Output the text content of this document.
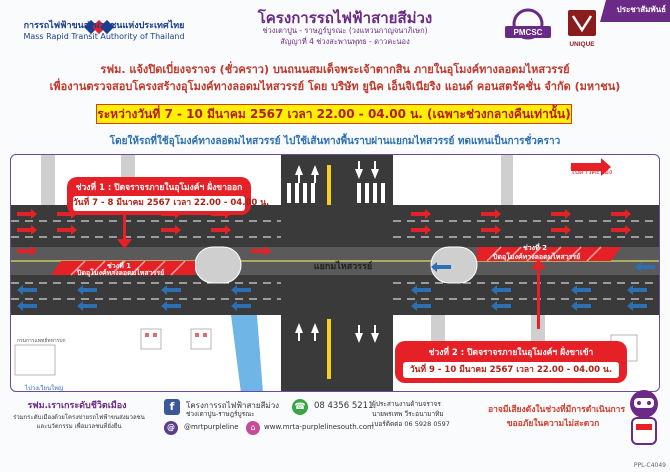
การรถไฟฟ้าขนส่งมวลชนแห่งประเทศไทย
Mass Rapid Transit Authority of Thailand
โครงการรถไฟฟ้าสายสีม่วง
ช่วงเตาปูน - ราษฎร์บูรณะ (วงแหวนกาญจนาภิเษก)
สัญญาที่ 4 ช่วงสะพานพุทธ - ดาวคะนอง
PMCSC
UNIQUE
ประชาสัมพันธ์
รฟม. แจ้งปิดเบี่ยงจราจร (ชั่วคราว) บนถนนสมเด็จพระเจ้าตากสิน ภายในอุโมงค์ทางลอดมไหสวรรย์
เพื่องานตรวจสอบโครงสร้างอุโมงค์ทางลอดมไหสวรรย์ โดย บริษัท ยูนิค เอ็นจิเนียริง แอนด์ คอนสตรัคชั่น จำกัด (มหาชน)
ระหว่างวันที่ 7 - 10 มีนาคม 2567 เวลา 22.00 - 04.00 น. (เฉพาะช่วงกลางคืนเท่านั้น)
โดยให้รถที่ใช้อุโมงค์ทางลอดมไหสวรรย์ ไปใช้เส้นทางพื้นราบผ่านแยกมไหสวรรย์ ทดแทนเป็นการชั่วคราว
ช่วงที่ 1 : ปิดจราจรภายในอุโมงค์ฯ ฝั่งขาออก
วันที่ 7 - 8 มีนาคม 2567 เวลา 22.00 - 04.00 น.
ช่วงที่ 2 : ปิดจราจรภายในอุโมงค์ฯ ฝั่งขาเข้า
วันที่ 9 - 10 มีนาคม 2567 เวลา 22.00 - 04.00 น.
ช่วงที่ 1
ปิดอุโมงค์ทางลอดมไหสวรรย์
ช่วงที่ 2
ปิดอุโมงค์ทางลอดมไหสวรรย์
แยกมไหสวรรย์
ไปดาวคะนอง
กรมการแพทย์ทหารบก
ไปวงเวียนใหญ่
รฟม.เราเกระดับชีวิตเมือง
ร่วมกระดับเมืองด้วยโครงข่ายรถไฟฟ้าขนส่งมวลชน
และนวัตกรรม เพื่อมวลชนที่ยั่งยืน
f	โครงการรถไฟฟ้าสายสีม่วง
ช่วงเตาปูน-ราษฎร์บูรณะ
☎ 08 4356 5211
@	@mrtpurpleline	⌂	www.mrta-purplelinesouth.com
ผู้ประสานงานด้านจราจร
นายพรเทพ วีระอนามาทิม
เบอร์ติดต่อ 06 5928 0597
อาจมีเสียงดังในช่วงที่มีการดำเนินการ
ขออภัยในความไม่สะดวก
PPL-C4049
